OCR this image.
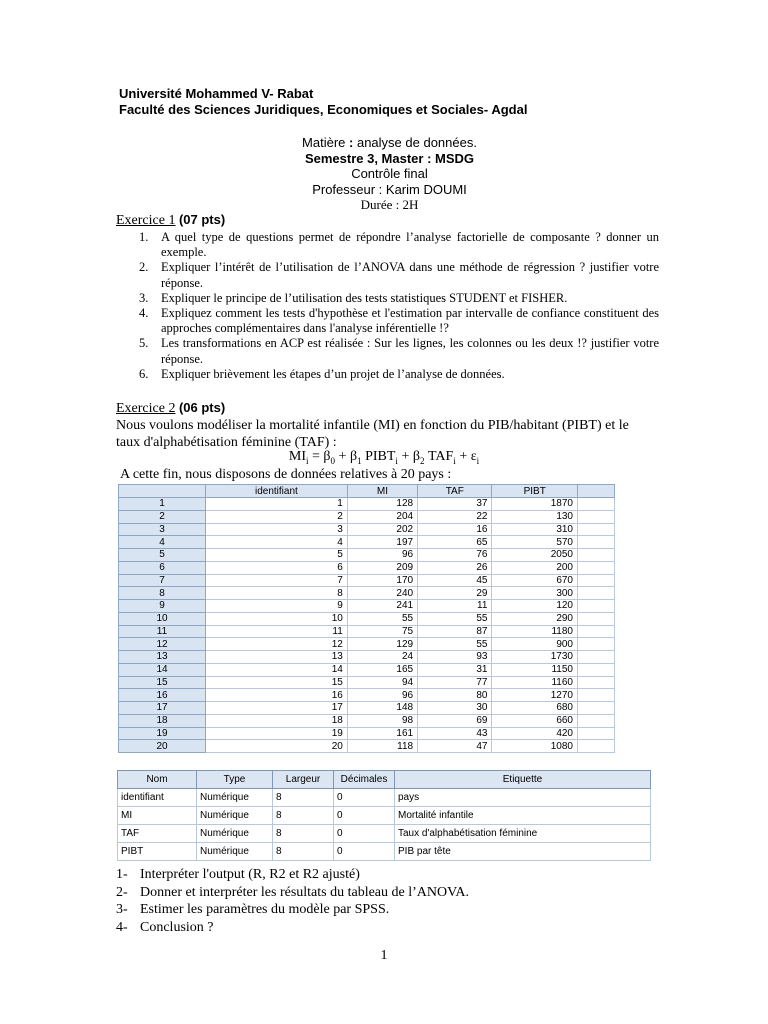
Université Mohammed V- Rabat
Faculté des Sciences Juridiques, Economiques et Sociales- Agdal
Matière : analyse de données.
Semestre 3, Master : MSDG
Contrôle final
Professeur : Karim DOUMI
Durée : 2H
Exercice 1 (07 pts)
1. A quel type de questions permet de répondre l’analyse factorielle de composante ? donner un exemple.
2. Expliquer l’intérêt de l’utilisation de l’ANOVA dans une méthode de régression ? justifier votre réponse.
3. Expliquer le principe de l’utilisation des tests statistiques STUDENT et FISHER.
4. Expliquez comment les tests d'hypothèse et l'estimation par intervalle de confiance constituent des approches complémentaires dans l'analyse inférentielle !?
5. Les transformations en ACP est réalisée : Sur les lignes, les colonnes ou les deux !? justifier votre réponse.
6. Expliquer brièvement les étapes d’un projet de l’analyse de données.
Exercice 2 (06 pts)
Nous voulons modéliser la mortalité infantile (MI) en fonction du PIB/habitant (PIBT) et le taux d'alphabétisation féminine (TAF) :
$MI_i = \beta_0 + \beta_1$ $PIBT_i + \beta_2$ $TAF_i + \varepsilon_i$
A cette fin, nous disposons de données relatives à 20 pays :
	identifiant	MI	TAF	PIBT	
1	1	128	37	1870	
2	2	204	22	130	
3	3	202	16	310	
4	4	197	65	570	
5	5	96	76	2050	
6	6	209	26	200	
7	7	170	45	670	
8	8	240	29	300	
9	9	241	11	120	
10	10	55	55	290	
11	11	75	87	1180	
12	12	129	55	900	
13	13	24	93	1730	
14	14	165	31	1150	
15	15	94	77	1160	
16	16	96	80	1270	
17	17	148	30	680	
18	18	98	69	660	
19	19	161	43	420	
20	20	118	47	1080	
Nom	Type	Largeur	Décimales	Etiquette
identifiant	Numérique	8	0	pays
MI	Numérique	8	0	Mortalité infantile
TAF	Numérique	8	0	Taux d'alphabétisation féminine
PIBT	Numérique	8	0	PIB par tête
1- Interpréter l'output (R, R2 et R2 ajusté)
2- Donner et interpréter les résultats du tableau de l’ANOVA.
3- Estimer les paramètres du modèle par SPSS.
4- Conclusion ?
1
